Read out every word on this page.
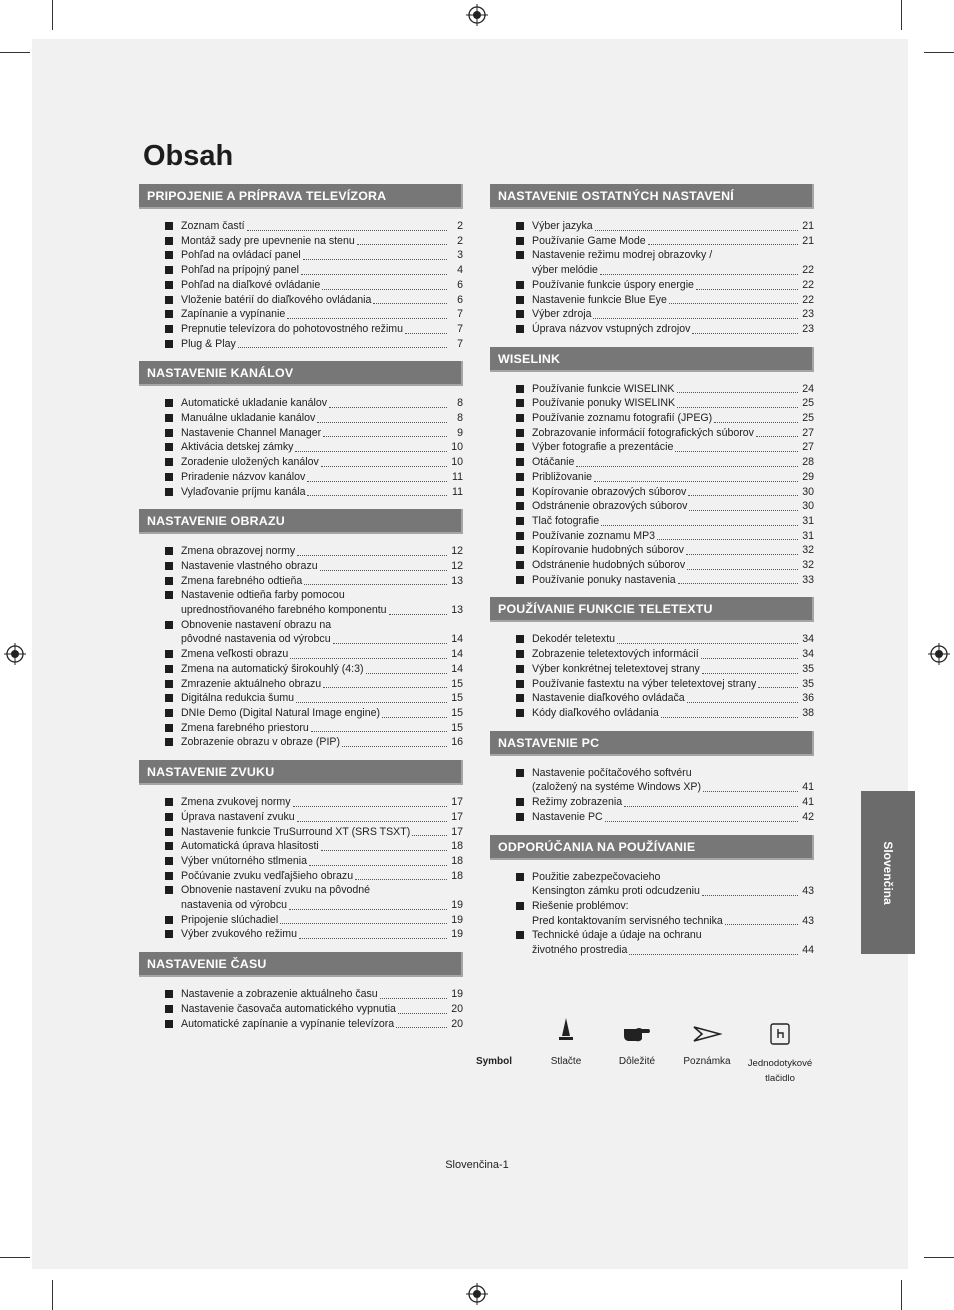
Obsah
PRIPOJENIE A PRÍPRAVA TELEVÍZORA
Zoznam častí	2
Montáž sady pre upevnenie na stenu	2
Pohľad na ovládací panel	3
Pohľad na prípojný panel	4
Pohľad na diaľkové ovládanie	6
Vloženie batérií do diaľkového ovládania	6
Zapínanie a vypínanie	7
Prepnutie televízora do pohotovostného režimu	7
Plug & Play	7
NASTAVENIE KANÁLOV
Automatické ukladanie kanálov	8
Manuálne ukladanie kanálov	8
Nastavenie Channel Manager	9
Aktivácia detskej zámky	10
Zoradenie uložených kanálov	10
Priradenie názvov kanálov	11
Vylaďovanie príjmu kanála	11
NASTAVENIE OBRAZU
Zmena obrazovej normy	12
Nastavenie vlastného obrazu	12
Zmena farebného odtieňa	13
Nastavenie odtieňa farby pomocou
uprednostňovaného farebného komponentu	13
Obnovenie nastavení obrazu na
pôvodné nastavenia od výrobcu	14
Zmena veľkosti obrazu	14
Zmena na automatický širokouhlý (4:3)	14
Zmrazenie aktuálneho obrazu	15
Digitálna redukcia šumu	15
DNIe Demo (Digital Natural Image engine)	15
Zmena farebného priestoru	15
Zobrazenie obrazu v obraze (PIP)	16
NASTAVENIE ZVUKU
Zmena zvukovej normy	17
Úprava nastavení zvuku	17
Nastavenie funkcie TruSurround XT (SRS TSXT)	17
Automatická úprava hlasitosti	18
Výber vnútorného stlmenia	18
Počúvanie zvuku vedľajšieho obrazu	18
Obnovenie nastavení zvuku na pôvodné
nastavenia od výrobcu	19
Pripojenie slúchadiel	19
Výber zvukového režimu	19
NASTAVENIE ČASU
Nastavenie a zobrazenie aktuálneho času	19
Nastavenie časovača automatického vypnutia	20
Automatické zapínanie a vypínanie televízora	20
NASTAVENIE OSTATNÝCH NASTAVENÍ
Výber jazyka	21
Používanie Game Mode	21
Nastavenie režimu modrej obrazovky /
výber melódie	22
Používanie funkcie úspory energie	22
Nastavenie funkcie Blue Eye	22
Výber zdroja	23
Úprava názvov vstupných zdrojov	23
WISELINK
Používanie funkcie WISELINK	24
Používanie ponuky WISELINK	25
Používanie zoznamu fotografií (JPEG)	25
Zobrazovanie informácií fotografických súborov	27
Výber fotografie a prezentácie	27
Otáčanie	28
Približovanie	29
Kopírovanie obrazových súborov	30
Odstránenie obrazových súborov	30
Tlač fotografie	31
Používanie zoznamu MP3	31
Kopírovanie hudobných súborov	32
Odstránenie hudobných súborov	32
Používanie ponuky nastavenia	33
POUŽÍVANIE FUNKCIE TELETEXTU
Dekodér teletextu	34
Zobrazenie teletextových informácií	34
Výber konkrétnej teletextovej strany	35
Používanie fastextu na výber teletextovej strany	35
Nastavenie diaľkového ovládača	36
Kódy diaľkového ovládania	38
NASTAVENIE PC
Nastavenie počítačového softvéru
(založený na systéme Windows XP)	41
Režimy zobrazenia	41
Nastavenie PC	42
ODPORÚČANIA NA POUŽÍVANIE
Použitie zabezpečovacieho
Kensington zámku proti odcudzeniu	43
Riešenie problémov:
Pred kontaktovaním servisného technika	43
Technické údaje a údaje na ochranu
životného prostredia	44
Slovenčina
Symbol	Stlačte	Dôležité	Poznámka	Jednodotykové
tlačidlo
Slovenčina-1
